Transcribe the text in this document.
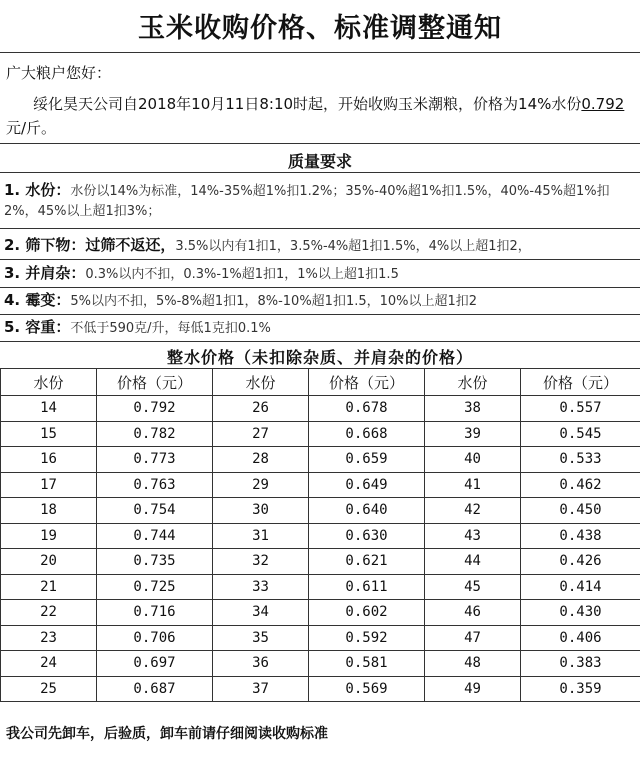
玉米收购价格、标准调整通知
广大粮户您好：
绥化昊天公司自2018年10月11日8:10时起，开始收购玉米潮粮，价格为14%水份0.792元/斤。
质量要求
1. 水份：水份以14%为标准，14%-35%超1%扣1.2%；35%-40%超1%扣1.5%，40%-45%超1%扣2%，45%以上超1扣3%；
2. 筛下物：过筛不返还，3.5%以内有1扣1，3.5%-4%超1扣1.5%，4%以上超1扣2，
3. 并肩杂：0.3%以内不扣，0.3%-1%超1扣1，1%以上超1扣1.5
4. 霉变：5%以内不扣，5%-8%超1扣1，8%-10%超1扣1.5，10%以上超1扣2
5. 容重：不低于590克/升，每低1克扣0.1%
整水价格（未扣除杂质、并肩杂的价格）
水份	价格（元）	水份	价格（元）	水份	价格（元）
14	0.792	26	0.678	38	0.557
15	0.782	27	0.668	39	0.545
16	0.773	28	0.659	40	0.533
17	0.763	29	0.649	41	0.462
18	0.754	30	0.640	42	0.450
19	0.744	31	0.630	43	0.438
20	0.735	32	0.621	44	0.426
21	0.725	33	0.611	45	0.414
22	0.716	34	0.602	46	0.430
23	0.706	35	0.592	47	0.406
24	0.697	36	0.581	48	0.383
25	0.687	37	0.569	49	0.359
我公司先卸车，后验质，卸车前请仔细阅读收购标准
